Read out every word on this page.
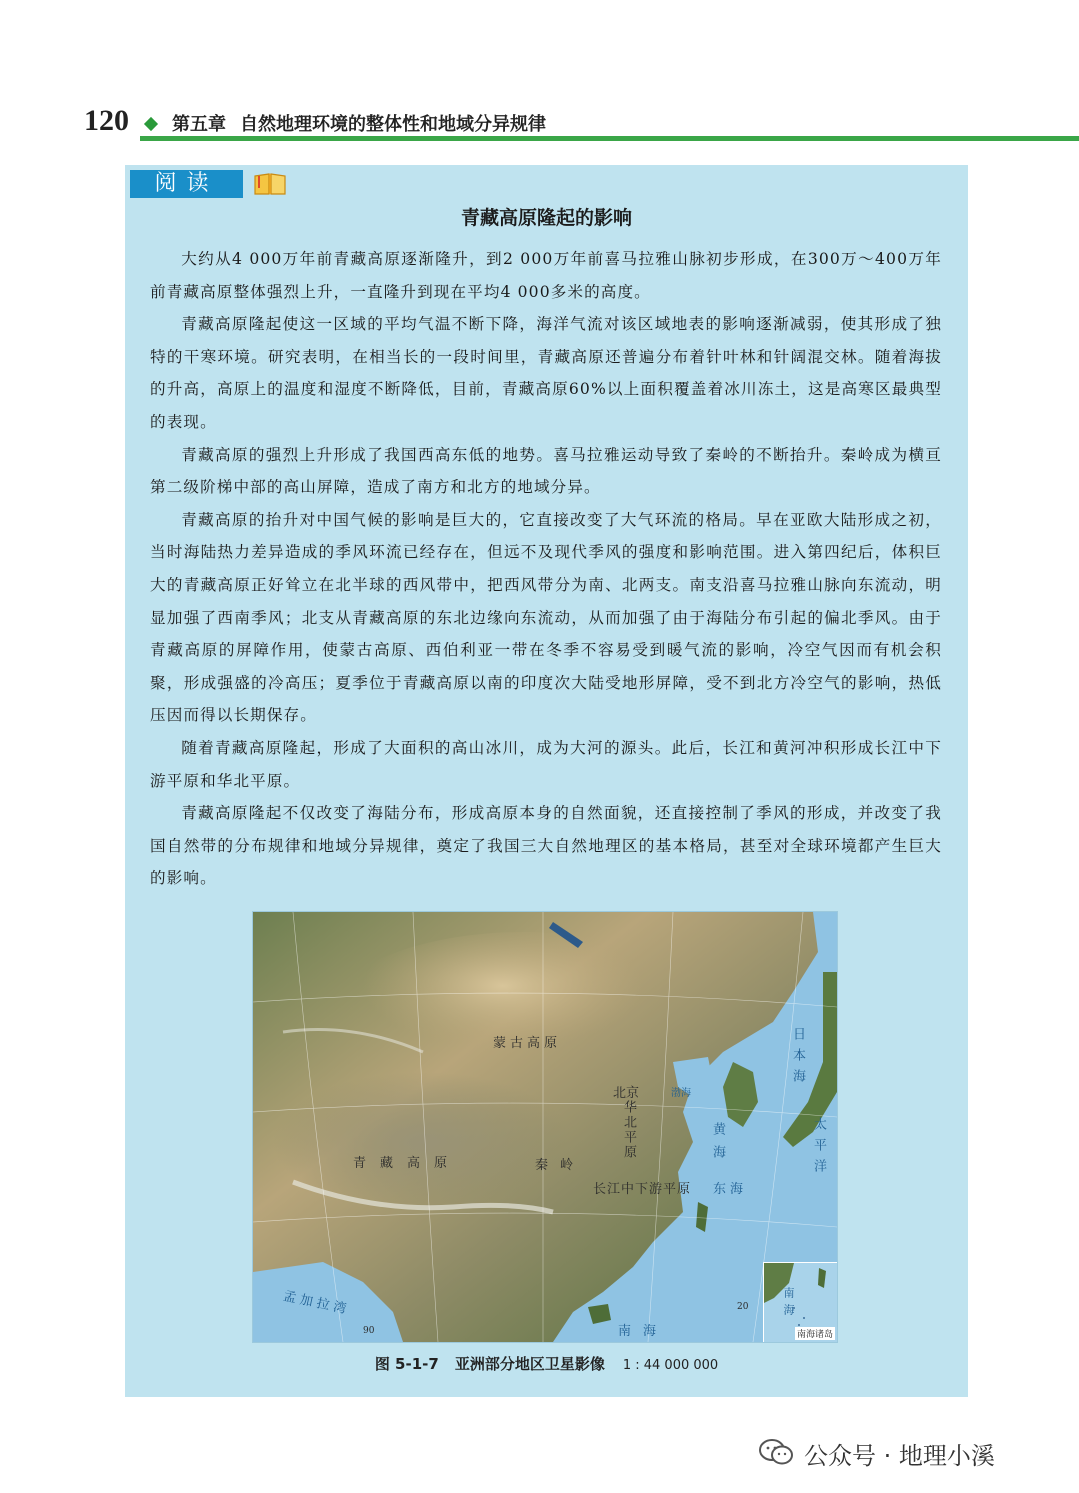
120 第五章 自然地理环境的整体性和地域分异规律
阅读
青藏高原隆起的影响

大约从4 000万年前青藏高原逐渐隆升，到2 000万年前喜马拉雅山脉初步形成，在300万～400万年前青藏高原整体强烈上升，一直隆升到现在平均4 000多米的高度。

青藏高原隆起使这一区域的平均气温不断下降，海洋气流对该区域地表的影响逐渐减弱，使其形成了独特的干寒环境。研究表明，在相当长的一段时间里，青藏高原还普遍分布着针叶林和针阔混交林。随着海拔的升高，高原上的温度和湿度不断降低，目前，青藏高原60%以上面积覆盖着冰川冻土，这是高寒区最典型的表现。

青藏高原的强烈上升形成了我国西高东低的地势。喜马拉雅运动导致了秦岭的不断抬升。秦岭成为横亘第二级阶梯中部的高山屏障，造成了南方和北方的地域分异。

青藏高原的抬升对中国气候的影响是巨大的，它直接改变了大气环流的格局。早在亚欧大陆形成之初，当时海陆热力差异造成的季风环流已经存在，但远不及现代季风的强度和影响范围。进入第四纪后，体积巨大的青藏高原正好耸立在北半球的西风带中，把西风带分为南、北两支。南支沿喜马拉雅山脉向东流动，明显加强了西南季风；北支从青藏高原的东北边缘向东流动，从而加强了由于海陆分布引起的偏北季风。由于青藏高原的屏障作用，使蒙古高原、西伯利亚一带在冬季不容易受到暖气流的影响，冷空气因而有机会积聚，形成强盛的冷高压；夏季位于青藏高原以南的印度次大陆受地形屏障，受不到北方冷空气的影响，热低压因而得以长期保存。

随着青藏高原隆起，形成了大面积的高山冰川，成为大河的源头。此后，长江和黄河冲积形成长江中下游平原和华北平原。

青藏高原隆起不仅改变了海陆分布，形成高原本身的自然面貌，还直接控制了季风的形成，并改变了我国自然带的分布规律和地域分异规律，奠定了我国三大自然地理区的基本格局，甚至对全球环境都产生巨大的影响。

蒙古高原
北京
华北平原
青藏高原	秦岭
长江中下游平原
孟加拉湾
东海
南海
黄海
日本海
太平洋
渤海
90
20	南海
南海诸岛
图 5-1-7 亚洲部分地区卫星影像 1 : 44 000 000
公众号 · 地理小溪
